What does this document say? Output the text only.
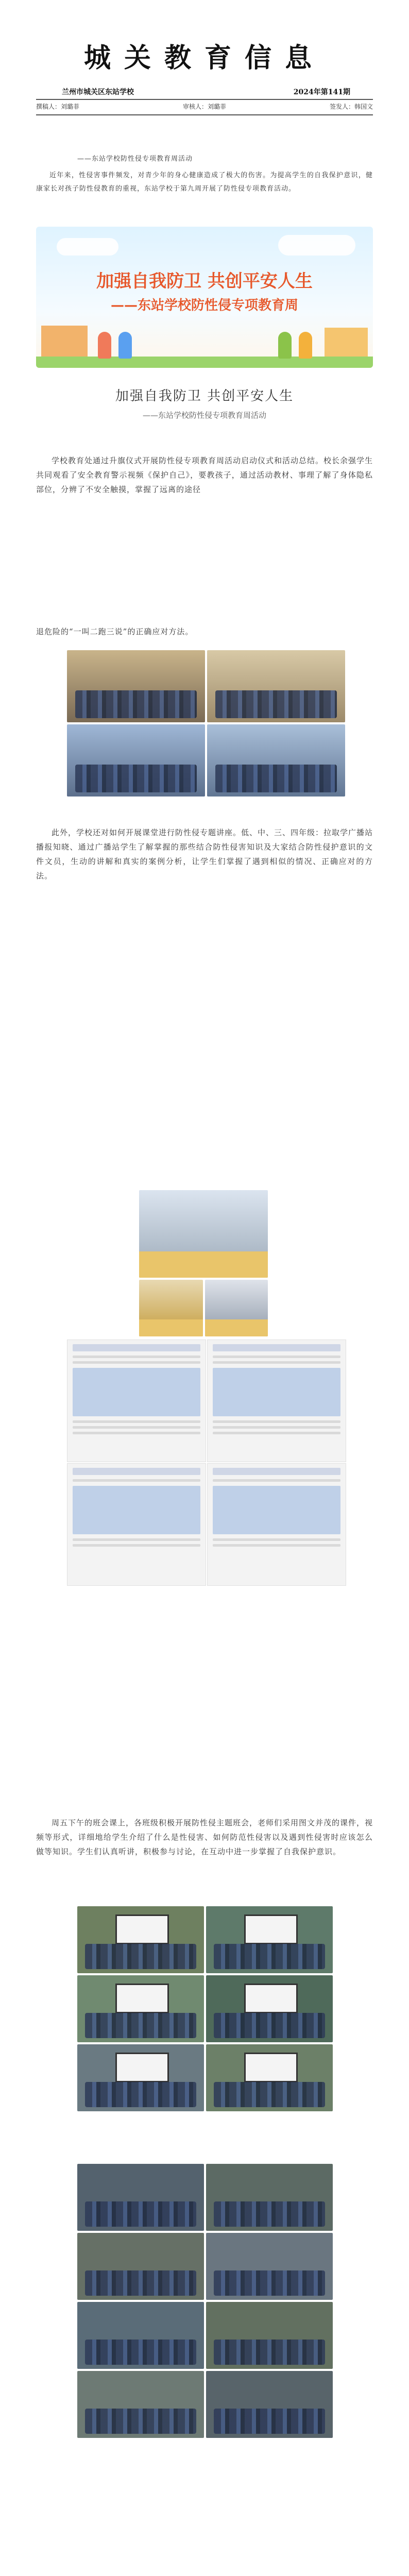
城关教育信息
兰州市城关区东站学校	2024年第141期
撰稿人：刘璐菲	审核人：刘璐菲	签发人：韩国文
——东站学校防性侵专项教育周活动
近年来，性侵害事件频发，对青少年的身心健康造成了极大的伤害。为提高学生的自我保护意识，健康家长对孩子防性侵教育的重视，东站学校于第九周开展了防性侵专项教育活动。
加强自我防卫 共创平安人生
——东站学校防性侵专项教育周
加强自我防卫 共创平安人生
——东站学校防性侵专项教育周活动
学校教育处通过升旗仪式开展防性侵专项教育周活动启动仪式和活动总结。校长余强学生共同观看了安全教育警示视频《保护自己》，要教孩子，通过活动教材、事理了解了身体隐私部位，分辨了不安全触摸，掌握了远离的途径
退危险的“一叫二跑三说”的正确应对方法。
此外，学校还对如何开展课堂进行防性侵专题讲座。低、中、三、四年级：拉取学广播站播报知晓、通过广播站学生了解掌握的那些结合防性侵害知识及大家结合防性侵护意识的文件文员，生动的讲解和真实的案例分析，让学生们掌握了遇到相似的情况、正确应对的方法。
周五下午的班会课上，各班级积极开展防性侵主题班会，老师们采用图文并茂的课件，视频等形式，详细地给学生介绍了什么是性侵害、如何防范性侵害以及遇到性侵害时应该怎么做等知识。学生们认真听讲，积极参与讨论，在互动中进一步掌握了自我保护意识。
